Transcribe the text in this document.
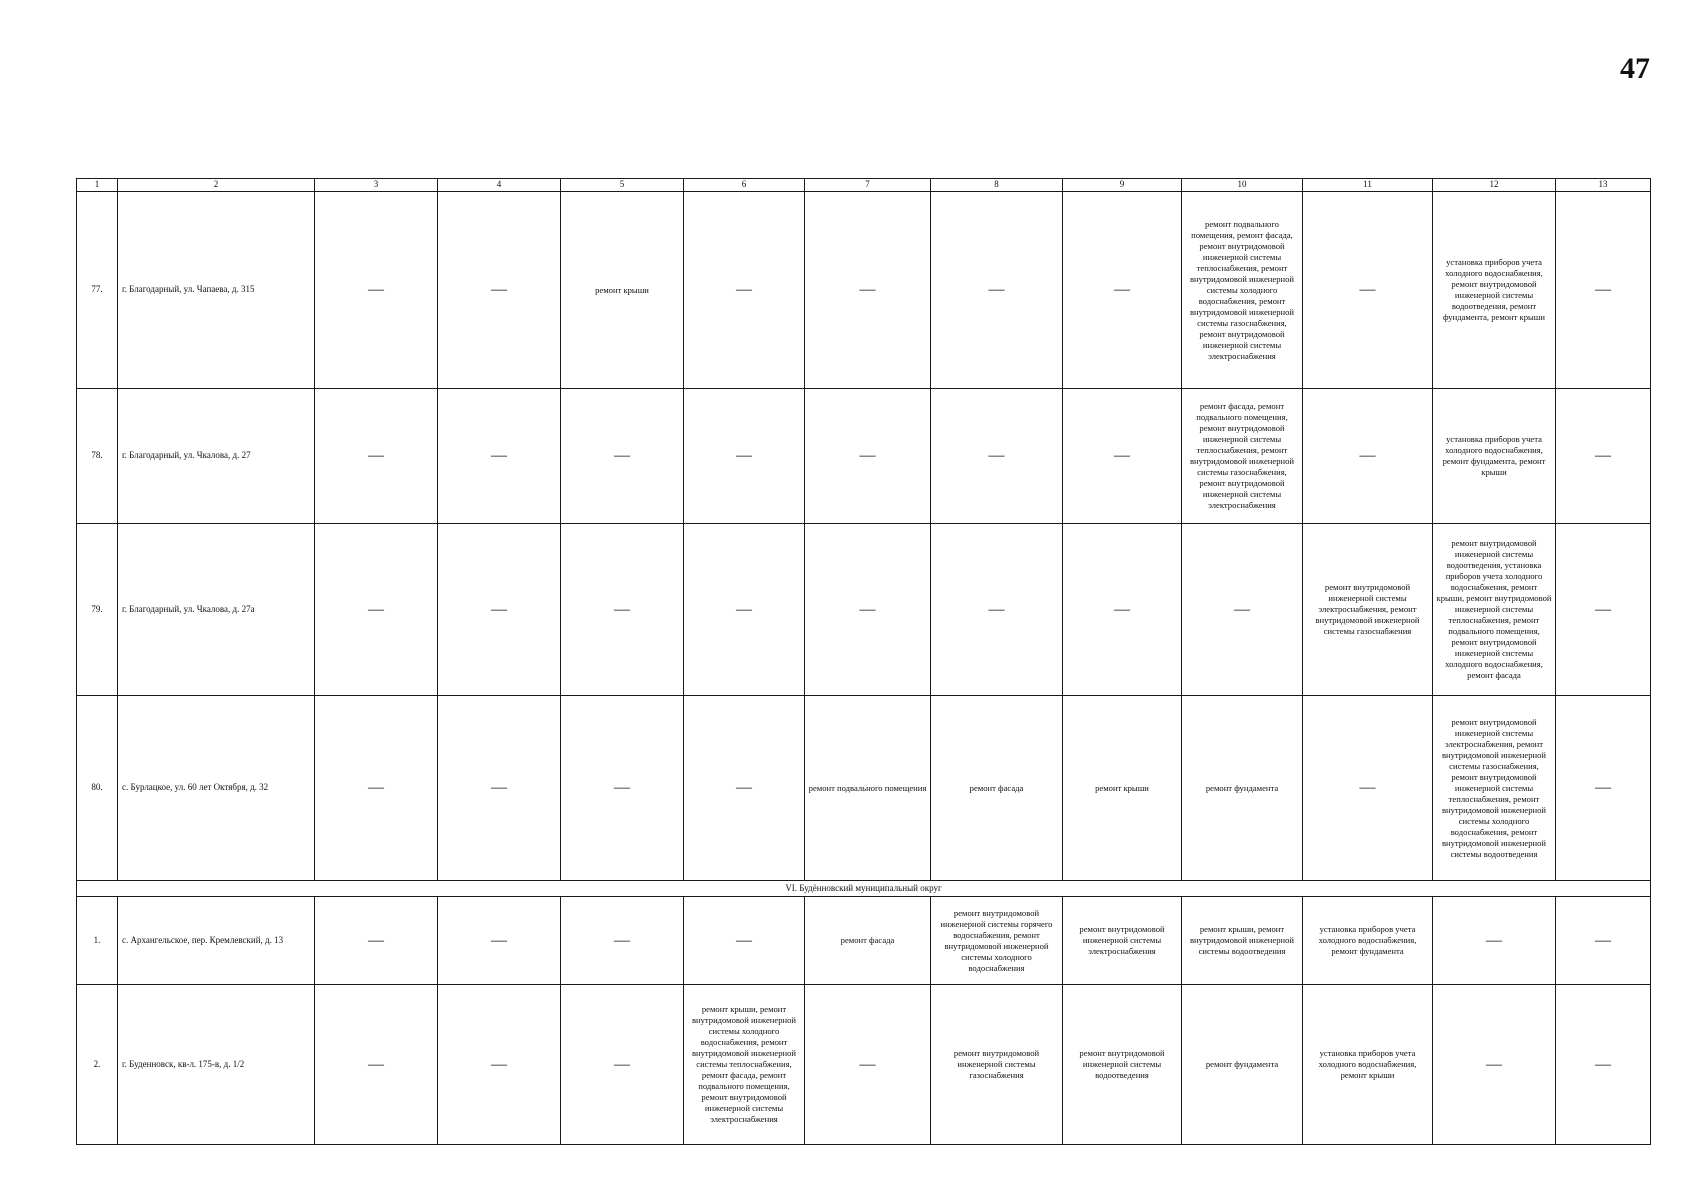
47
1	2	3	4	5	6	7	8	9	10	11	12	13
77.	г. Благодарный, ул. Чапаева, д. 315	—	—	ремонт крыши	—	—	—	—	ремонт подвального помещения, ремонт фасада, ремонт внутридомовой инженерной системы теплоснабжения, ремонт внутридомовой инженерной системы холодного водоснабжения, ремонт внутридомовой инженерной системы газоснабжения, ремонт внутридомовой инженерной системы электроснабжения	—	установка приборов учета холодного водоснабжения, ремонт внутридомовой инженерной системы водоотведения, ремонт фундамента, ремонт крыши	—
78.	г. Благодарный, ул. Чкалова, д. 27	—	—	—	—	—	—	—	ремонт фасада, ремонт подвального помещения, ремонт внутридомовой инженерной системы теплоснабжения, ремонт внутридомовой инженерной системы газоснабжения, ремонт внутридомовой инженерной системы электроснабжения	—	установка приборов учета холодного водоснабжения, ремонт фундамента, ремонт крыши	—
79.	г. Благодарный, ул. Чкалова, д. 27а	—	—	—	—	—	—	—	—	ремонт внутридомовой инженерной системы электроснабжения, ремонт внутридомовой инженерной системы газоснабжения	ремонт внутридомовой инженерной системы водоотведения, установка приборов учета холодного водоснабжения, ремонт крыши, ремонт внутридомовой инженерной системы теплоснабжения, ремонт подвального помещения, ремонт внутридомовой инженерной системы холодного водоснабжения, ремонт фасада	—
80.	с. Бурлацкое, ул. 60 лет Октября, д. 32	—	—	—	—	ремонт подвального помещения	ремонт фасада	ремонт крыши	ремонт фундамента	—	ремонт внутридомовой инженерной системы электроснабжения, ремонт внутридомовой инженерной системы газоснабжения, ремонт внутридомовой инженерной системы теплоснабжения, ремонт внутридомовой инженерной системы холодного водоснабжения, ремонт внутридомовой инженерной системы водоотведения	—
VI. Будённовский муниципальный округ												
1.	с. Архангельское, пер. Кремлевский, д. 13	—	—	—	—	ремонт фасада	ремонт внутридомовой инженерной системы горячего водоснабжения, ремонт внутридомовой инженерной системы холодного водоснабжения	ремонт внутридомовой инженерной системы электроснабжения	ремонт крыши, ремонт внутридомовой инженерной системы водоотведения	установка приборов учета холодного водоснабжения, ремонт фундамента	—	—
2.	г. Буденновск, кв-л. 175-в, д. 1/2	—	—	—	ремонт крыши, ремонт внутридомовой инженерной системы холодного водоснабжения, ремонт внутридомовой инженерной системы теплоснабжения, ремонт фасада, ремонт подвального помещения, ремонт внутридомовой инженерной системы электроснабжения	—	ремонт внутридомовой инженерной системы газоснабжения	ремонт внутридомовой инженерной системы водоотведения	ремонт фундамента	установка приборов учета холодного водоснабжения, ремонт крыши	—	—
